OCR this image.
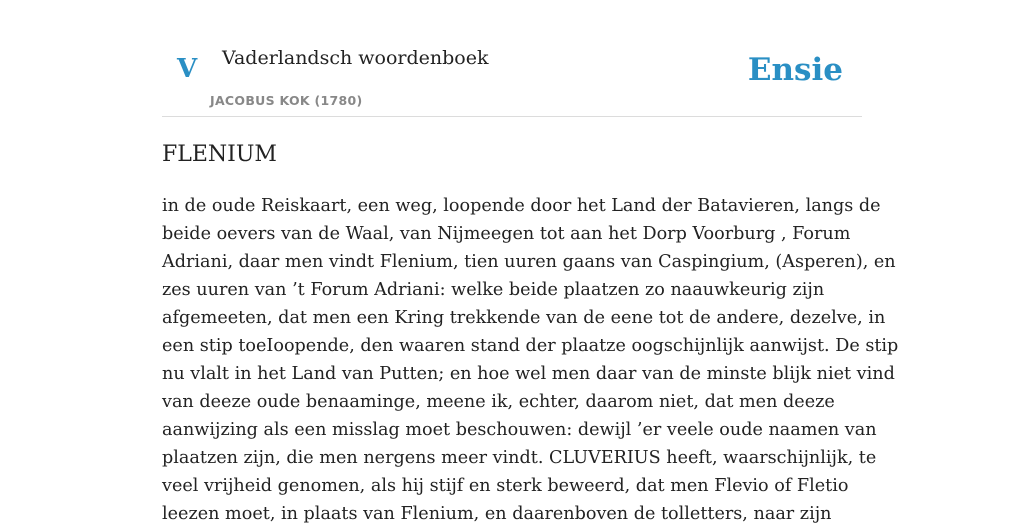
V Vaderlandsch woordenboek
JACOBUS KOK (1780)
Ensie
FLENIUM

in de oude Reiskaart, een weg, loopende door het Land der Batavieren, langs de
beide oevers van de Waal, van Nijmeegen tot aan het Dorp Voorburg , Forum
Adriani, daar men vindt Flenium, tien uuren gaans van Caspingium, (Asperen), en
zes uuren van ’t Forum Adriani: welke beide plaatzen zo naauwkeurig zijn
afgemeeten, dat men een Kring trekkende van de eene tot de andere, dezelve, in
een stip toeIoopende, den waaren stand der plaatze oogschijnlijk aanwijst. De stip
nu vlalt in het Land van Putten; en hoe wel men daar van de minste blijk niet vind
van deeze oude benaaminge, meene ik, echter, daarom niet, dat men deeze
aanwijzing als een misslag moet beschouwen: dewijl ’er veele oude naamen van
plaatzen zijn, die men nergens meer vindt. CLUVERIUS heeft, waarschijnlijk, te
veel vrijheid genomen, als hij stijf en sterk beweerd, dat men Flevio of Fletio
leezen moet, in plaats van Flenium, en daarenboven de tolletters, naar zijn
